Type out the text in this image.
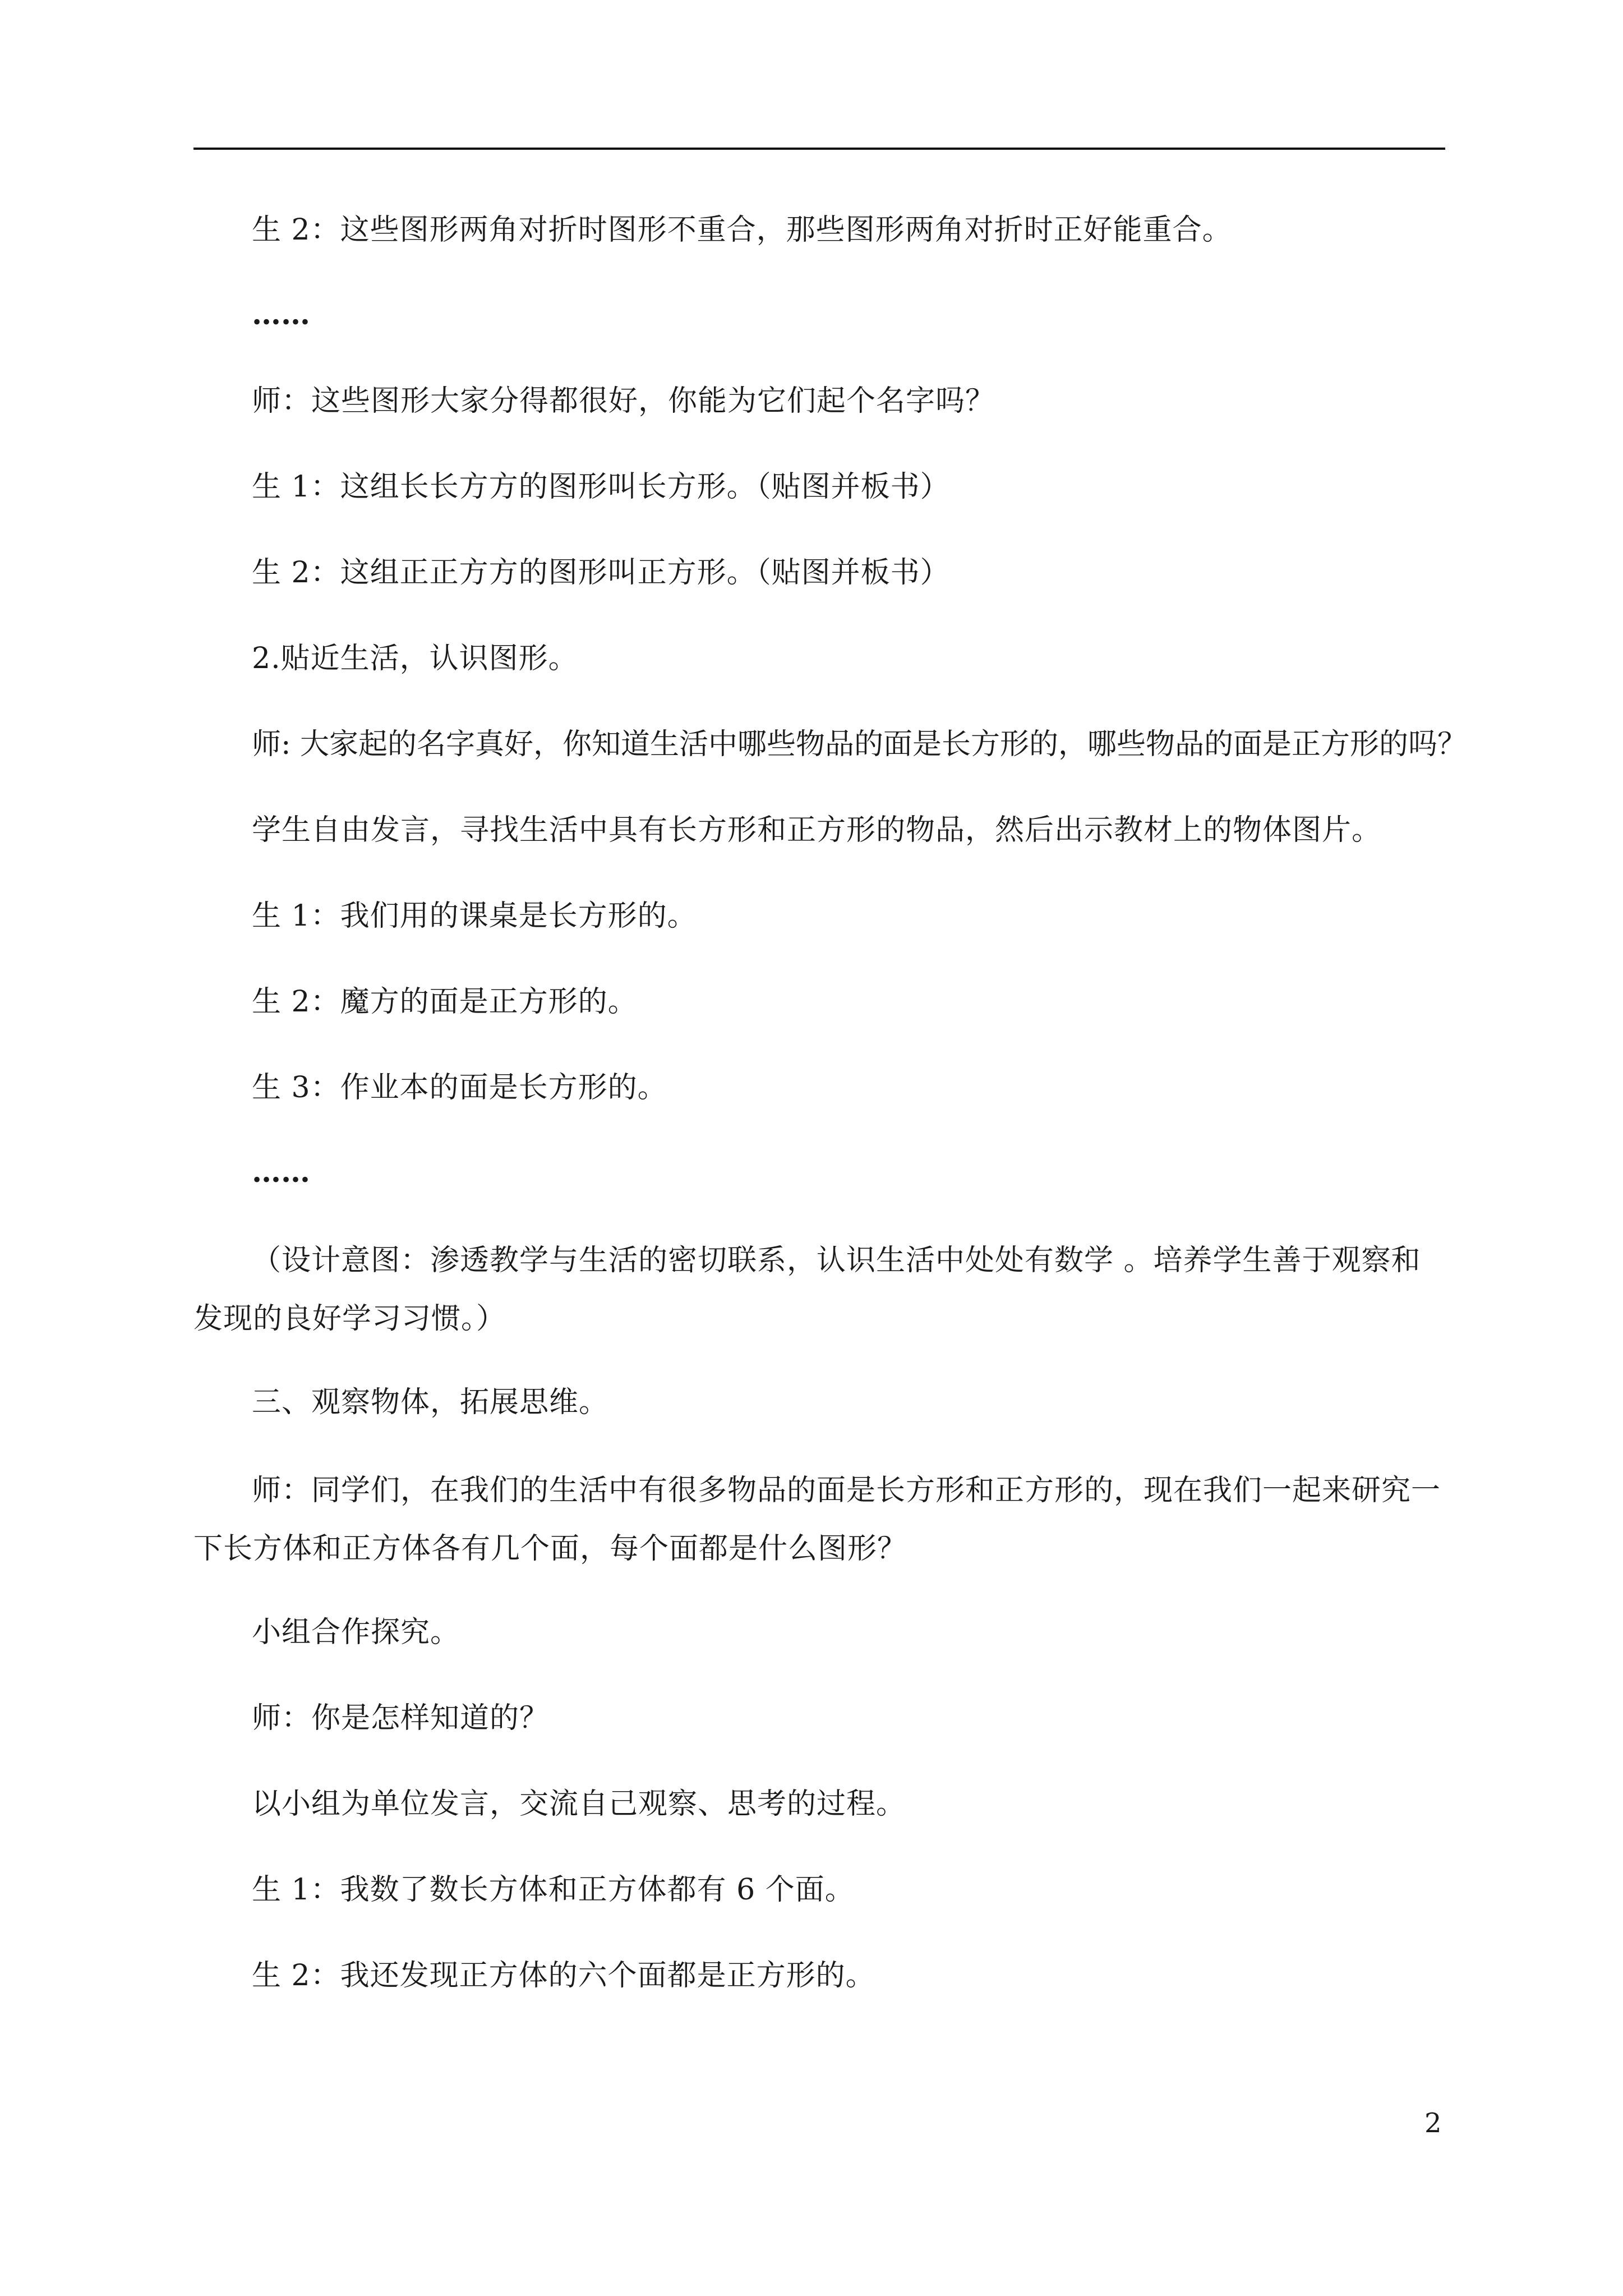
生 2：这些图形两角对折时图形不重合，那些图形两角对折时正好能重合。
……
师：这些图形大家分得都很好，你能为它们起个名字吗？
生 1：这组长长方方的图形叫长方形。（贴图并板书）
生 2：这组正正方方的图形叫正方形。（贴图并板书）
2.贴近生活，认识图形。
师: 大家起的名字真好，你知道生活中哪些物品的面是长方形的，哪些物品的面是正方形的吗？
学生自由发言，寻找生活中具有长方形和正方形的物品，然后出示教材上的物体图片。
生 1：我们用的课桌是长方形的。
生 2：魔方的面是正方形的。
生 3：作业本的面是长方形的。
……
（设计意图：渗透教学与生活的密切联系，认识生活中处处有数学 。培养学生善于观察和发现的良好学习习惯。）
三、观察物体，拓展思维。
师：同学们，在我们的生活中有很多物品的面是长方形和正方形的，现在我们一起来研究一下长方体和正方体各有几个面，每个面都是什么图形？
小组合作探究。
师：你是怎样知道的？
以小组为单位发言，交流自己观察、思考的过程。
生 1：我数了数长方体和正方体都有 6 个面。
生 2：我还发现正方体的六个面都是正方形的。
2
